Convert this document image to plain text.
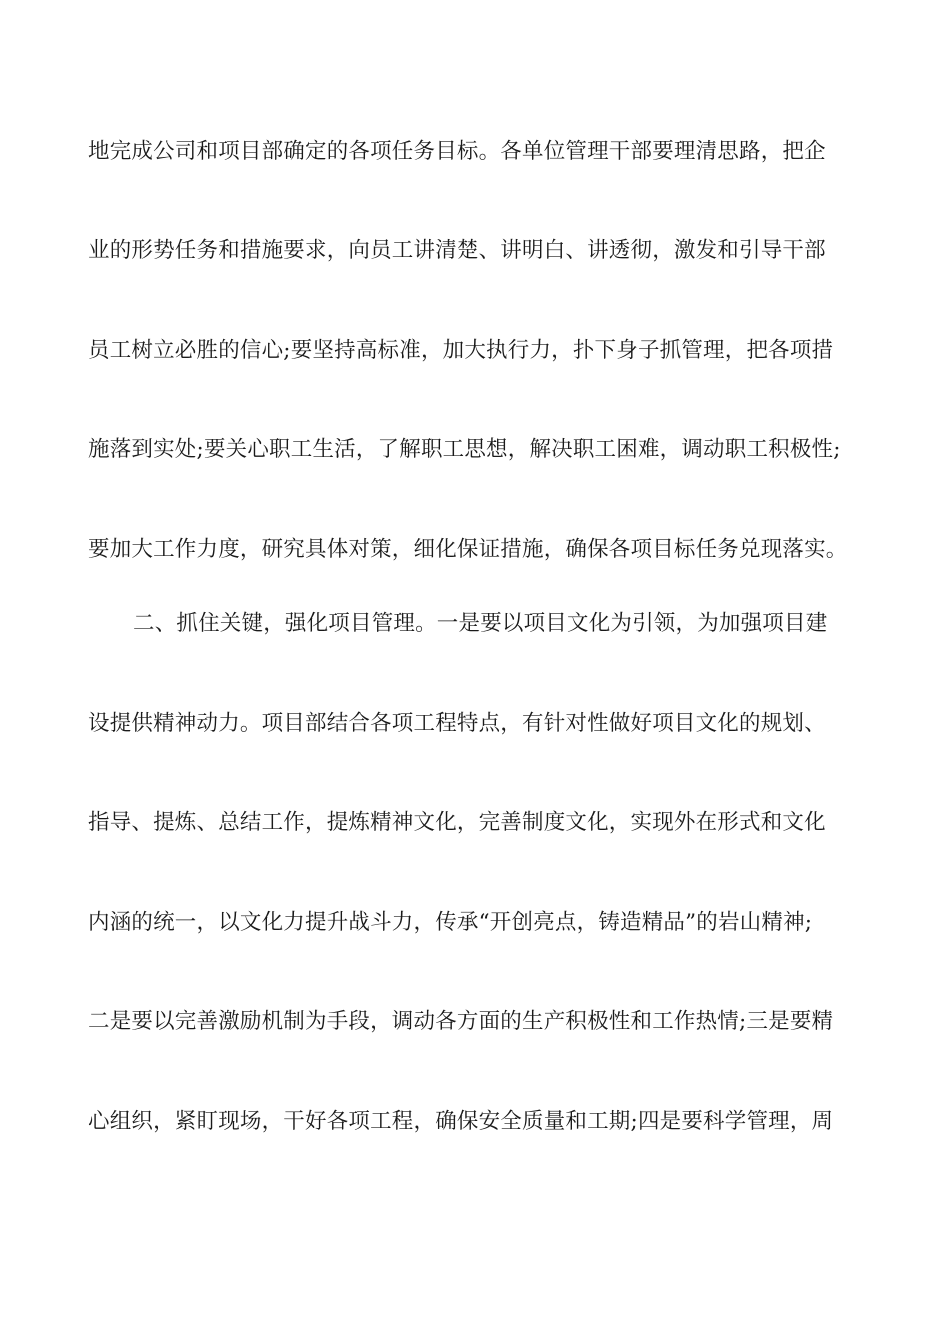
地完成公司和项目部确定的各项任务目标。各单位管理干部要理清思路，把企
业的形势任务和措施要求，向员工讲清楚、讲明白、讲透彻，激发和引导干部
员工树立必胜的信心;要坚持高标准，加大执行力，扑下身子抓管理，把各项措
施落到实处;要关心职工生活，了解职工思想，解决职工困难，调动职工积极性;
要加大工作力度，研究具体对策，细化保证措施，确保各项目标任务兑现落实。
二、抓住关键，强化项目管理。一是要以项目文化为引领，为加强项目建
设提供精神动力。项目部结合各项工程特点，有针对性做好项目文化的规划、
指导、提炼、总结工作，提炼精神文化，完善制度文化，实现外在形式和文化
内涵的统一，以文化力提升战斗力，传承“开创亮点，铸造精品”的岩山精神;
二是要以完善激励机制为手段，调动各方面的生产积极性和工作热情;三是要精
心组织，紧盯现场，干好各项工程，确保安全质量和工期;四是要科学管理，周
